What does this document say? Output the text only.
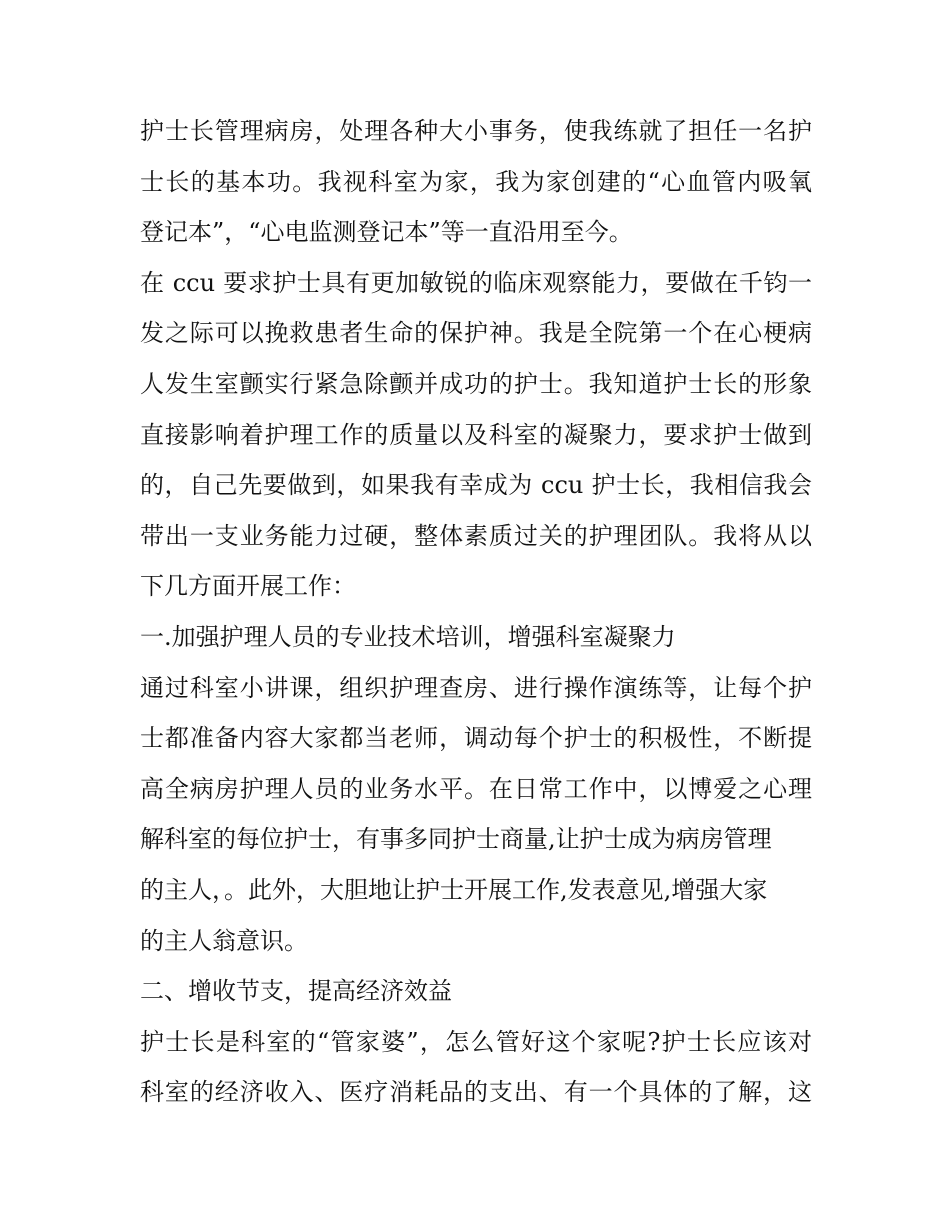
护士长管理病房，处理各种大小事务，使我练就了担任一名护
士长的基本功。我视科室为家，我为家创建的“心血管内吸氧
登记本”，“心电监测登记本”等一直沿用至今。
在 ccu 要求护士具有更加敏锐的临床观察能力，要做在千钧一
发之际可以挽救患者生命的保护神。我是全院第一个在心梗病
人发生室颤实行紧急除颤并成功的护士。我知道护士长的形象
直接影响着护理工作的质量以及科室的凝聚力，要求护士做到
的，自己先要做到，如果我有幸成为 ccu 护士长，我相信我会
带出一支业务能力过硬，整体素质过关的护理团队。我将从以
下几方面开展工作：
一.加强护理人员的专业技术培训，增强科室凝聚力
通过科室小讲课，组织护理查房、进行操作演练等，让每个护
士都准备内容大家都当老师，调动每个护士的积极性，不断提
高全病房护理人员的业务水平。在日常工作中，以博爱之心理
解科室的每位护士，有事多同护士商量,让护士成为病房管理
的主人，。此外，大胆地让护士开展工作,发表意见,增强大家
的主人翁意识。
二、增收节支，提高经济效益
护士长是科室的“管家婆”，怎么管好这个家呢?护士长应该对
科室的经济收入、医疗消耗品的支出、有一个具体的了解，这
